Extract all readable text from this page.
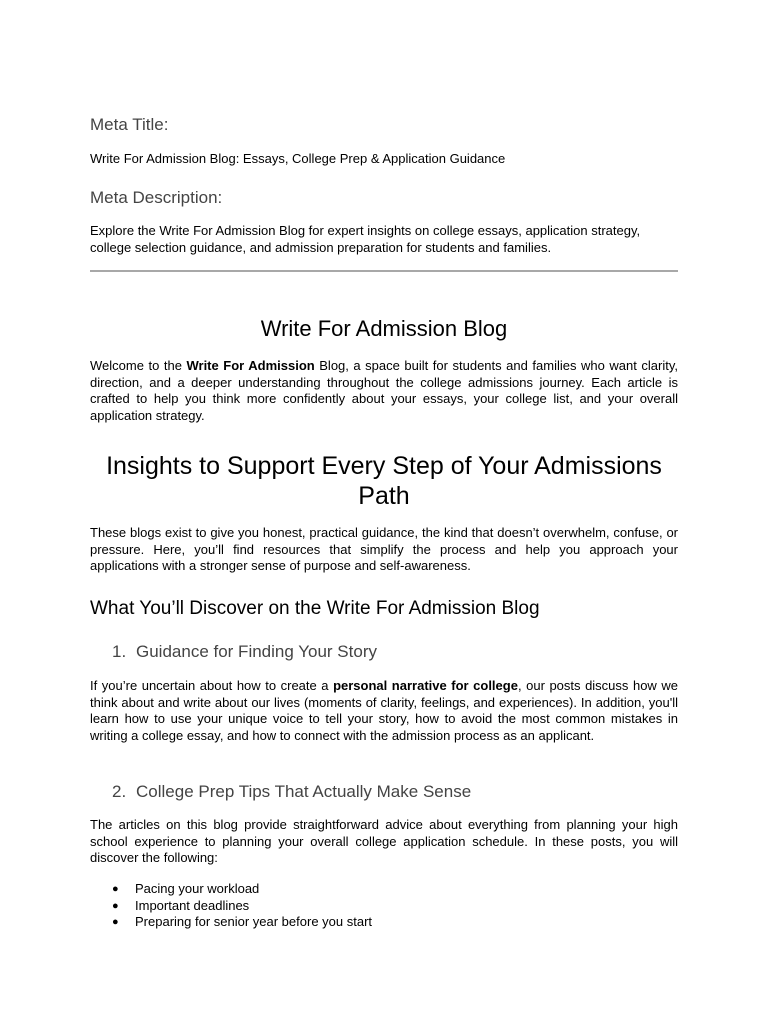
Meta Title:

Write For Admission Blog: Essays, College Prep & Application Guidance

Meta Description:

Explore the Write For Admission Blog for expert insights on college essays, application strategy, college selection guidance, and admission preparation for students and families.

Write For Admission Blog

Welcome to the Write For Admission Blog, a space built for students and families who want clarity, direction, and a deeper understanding throughout the college admissions journey. Each article is crafted to help you think more confidently about your essays, your college list, and your overall application strategy.

Insights to Support Every Step of Your Admissions Path

These blogs exist to give you honest, practical guidance, the kind that doesn’t overwhelm, confuse, or pressure. Here, you’ll find resources that simplify the process and help you approach your applications with a stronger sense of purpose and self-awareness.

What You’ll Discover on the Write For Admission Blog
1. Guidance for Finding Your Story

If you’re uncertain about how to create a personal narrative for college, our posts discuss how we think about and write about our lives (moments of clarity, feelings, and experiences). In addition, you'll learn how to use your unique voice to tell your story, how to avoid the most common mistakes in writing a college essay, and how to connect with the admission process as an applicant.

2. College Prep Tips That Actually Make Sense

The articles on this blog provide straightforward advice about everything from planning your high school experience to planning your overall college application schedule. In these posts, you will discover the following:

● Pacing your workload
● Important deadlines
● Preparing for senior year before you start
